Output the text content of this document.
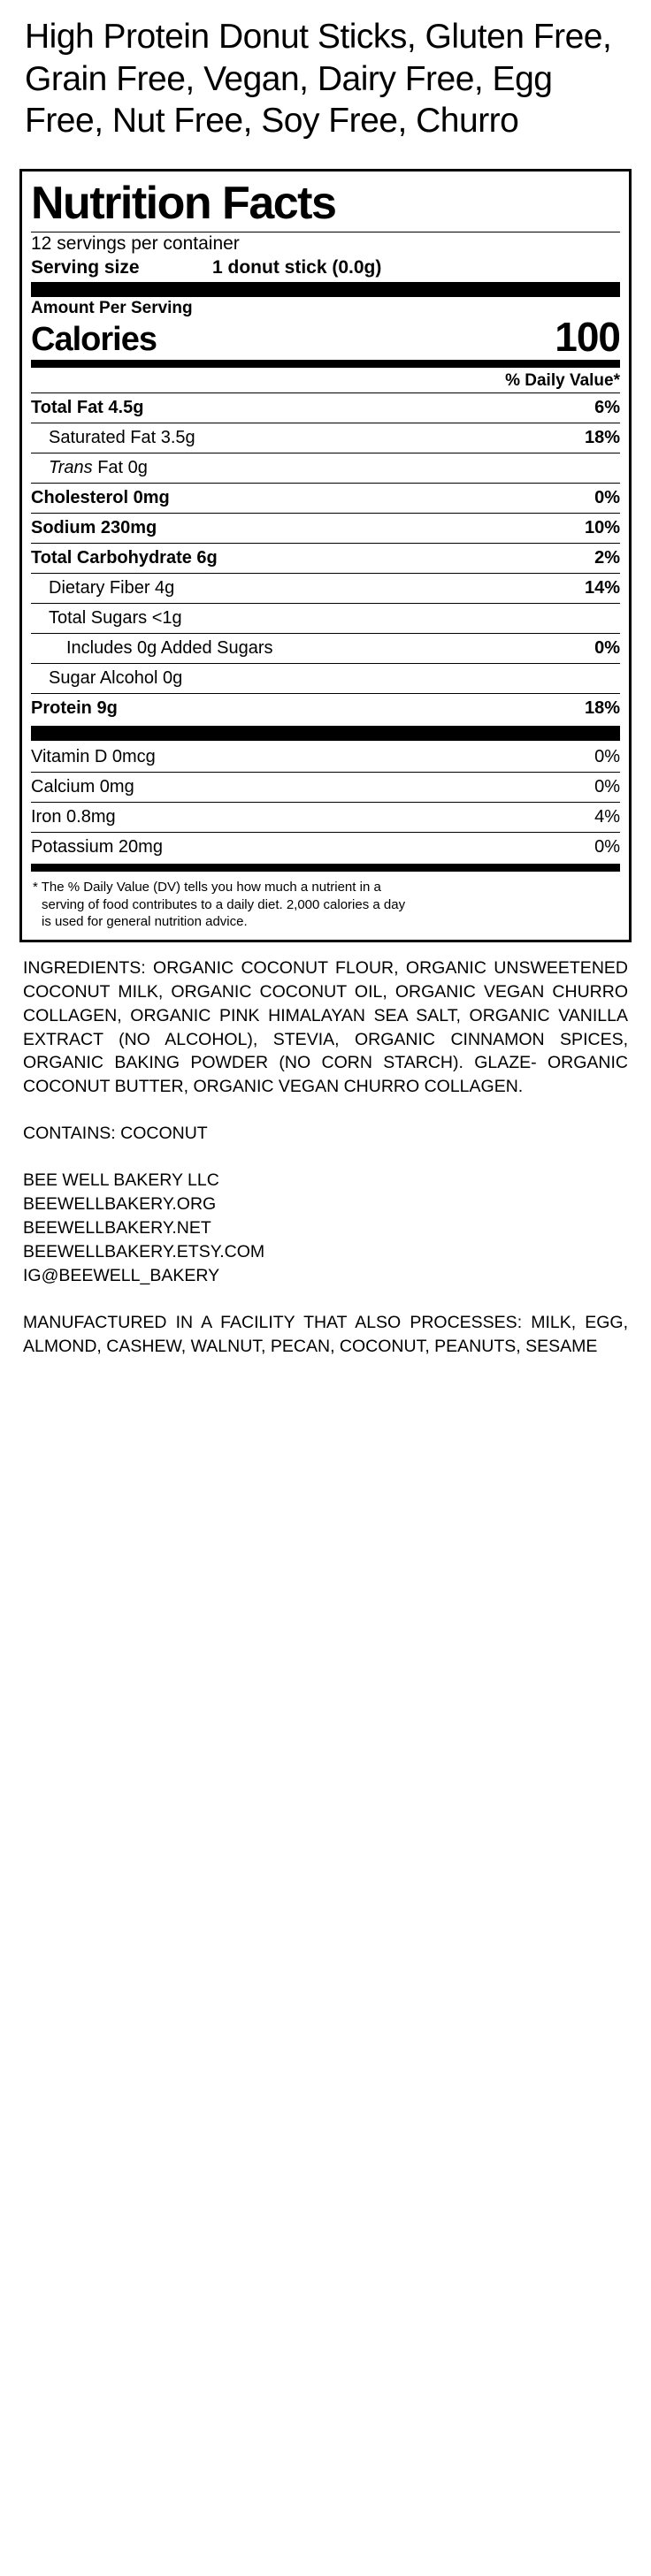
High Protein Donut Sticks, Gluten Free, Grain Free, Vegan, Dairy Free, Egg Free, Nut Free, Soy Free, Churro
Nutrition Facts
12 servings per container
Serving size	1 donut stick (0.0g)
Amount Per Serving
Calories	100
% Daily Value*
Total Fat 4.5g	6%
Saturated Fat 3.5g	18%
Trans Fat 0g
Cholesterol 0mg	0%
Sodium 230mg	10%
Total Carbohydrate 6g	2%
Dietary Fiber 4g	14%
Total Sugars <1g
Includes 0g Added Sugars	0%
Sugar Alcohol 0g
Protein 9g	18%
Vitamin D 0mcg	0%
Calcium 0mg	0%
Iron 0.8mg	4%
Potassium 20mg	0%
* The % Daily Value (DV) tells you how much a nutrient in a
serving of food contributes to a daily diet. 2,000 calories a day
is used for general nutrition advice.

INGREDIENTS: ORGANIC COCONUT FLOUR, ORGANIC UNSWEETENED COCONUT MILK, ORGANIC COCONUT OIL, ORGANIC VEGAN CHURRO COLLAGEN, ORGANIC PINK HIMALAYAN SEA SALT, ORGANIC VANILLA EXTRACT (NO ALCOHOL), STEVIA, ORGANIC CINNAMON SPICES, ORGANIC BAKING POWDER (NO CORN STARCH). GLAZE- ORGANIC COCONUT BUTTER, ORGANIC VEGAN CHURRO COLLAGEN.

CONTAINS: COCONUT

BEE WELL BAKERY LLC
BEEWELLBAKERY.ORG
BEEWELLBAKERY.NET
BEEWELLBAKERY.ETSY.COM
IG@BEEWELL_BAKERY

MANUFACTURED IN A FACILITY THAT ALSO PROCESSES: MILK, EGG, ALMOND, CASHEW, WALNUT, PECAN, COCONUT, PEANUTS, SESAME
